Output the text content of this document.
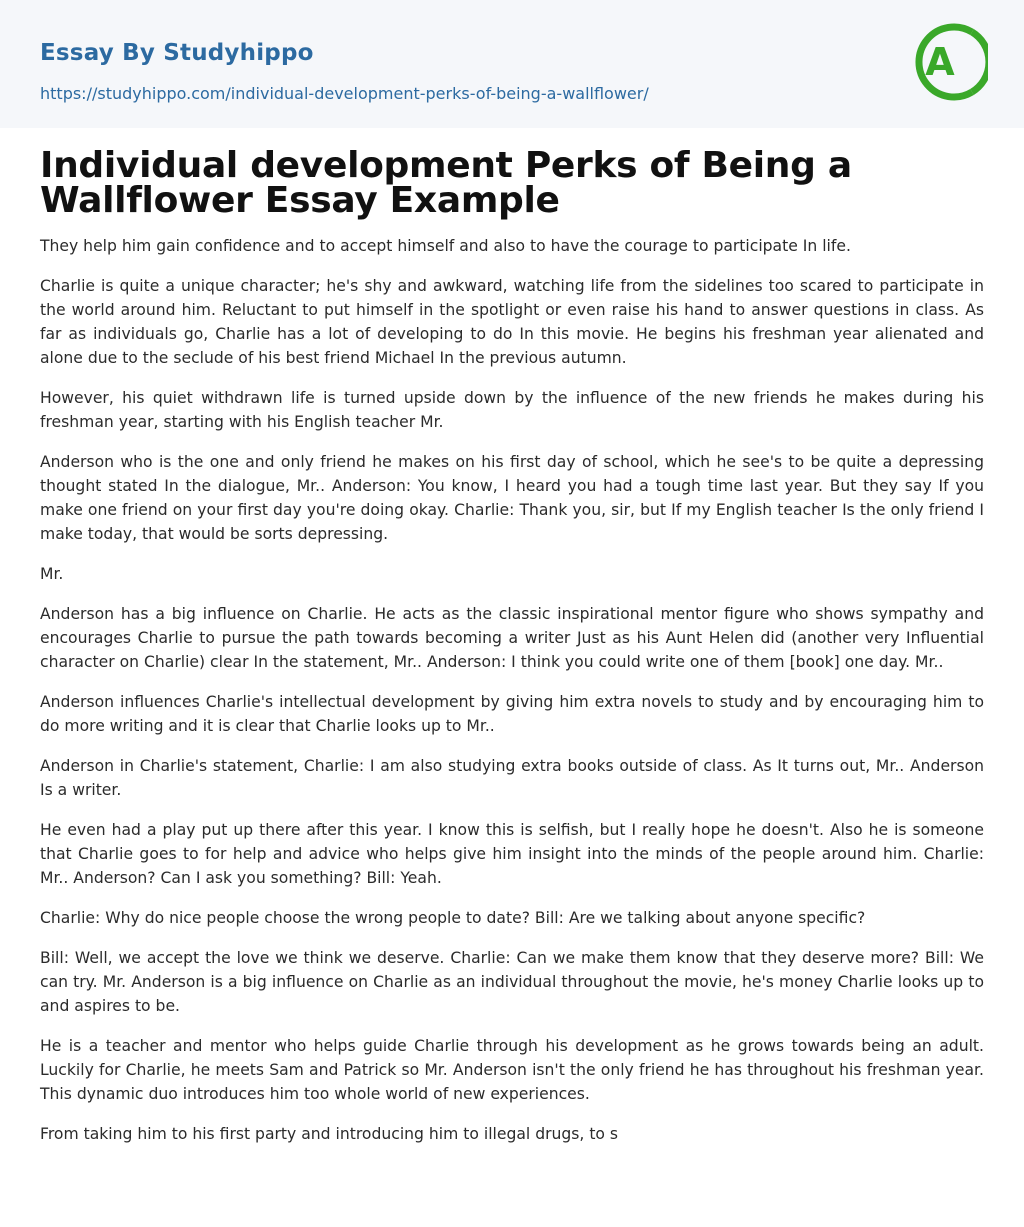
Essay By Studyhippo
https://studyhippo.com/individual-development-perks-of-being-a-wallflower/
A
Individual development Perks of Being a Wallflower Essay Example

They help him gain confidence and to accept himself and also to have the courage to participate In life.

Charlie is quite a unique character; he's shy and awkward, watching life from the sidelines too scared to participate in the world around him. Reluctant to put himself in the spotlight or even raise his hand to answer questions in class. As far as individuals go, Charlie has a lot of developing to do In this movie. He begins his freshman year alienated and alone due to the seclude of his best friend Michael In the previous autumn.

However, his quiet withdrawn life is turned upside down by the influence of the new friends he makes during his freshman year, starting with his English teacher Mr.

Anderson who is the one and only friend he makes on his first day of school, which he see's to be quite a depressing thought stated In the dialogue, Mr.. Anderson: You know, I heard you had a tough time last year. But they say If you make one friend on your first day you're doing okay. Charlie: Thank you, sir, but If my English teacher Is the only friend I make today, that would be sorts depressing.

Mr.

Anderson has a big influence on Charlie. He acts as the classic inspirational mentor figure who shows sympathy and encourages Charlie to pursue the path towards becoming a writer Just as his Aunt Helen did (another very Influential character on Charlie) clear In the statement, Mr.. Anderson: I think you could write one of them [book] one day. Mr..

Anderson influences Charlie's intellectual development by giving him extra novels to study and by encouraging him to do more writing and it is clear that Charlie looks up to Mr..

Anderson in Charlie's statement, Charlie: I am also studying extra books outside of class. As It turns out, Mr.. Anderson Is a writer.

He even had a play put up there after this year. I know this is selfish, but I really hope he doesn't. Also he is someone that Charlie goes to for help and advice who helps give him insight into the minds of the people around him. Charlie: Mr.. Anderson? Can I ask you something? Bill: Yeah.

Charlie: Why do nice people choose the wrong people to date? Bill: Are we talking about anyone specific?

Bill: Well, we accept the love we think we deserve. Charlie: Can we make them know that they deserve more? Bill: We can try. Mr. Anderson is a big influence on Charlie as an individual throughout the movie, he's money Charlie looks up to and aspires to be.

He is a teacher and mentor who helps guide Charlie through his development as he grows towards being an adult. Luckily for Charlie, he meets Sam and Patrick so Mr. Anderson isn't the only friend he has throughout his freshman year. This dynamic duo introduces him too whole world of new experiences.

From taking him to his first party and introducing him to illegal drugs, to s
